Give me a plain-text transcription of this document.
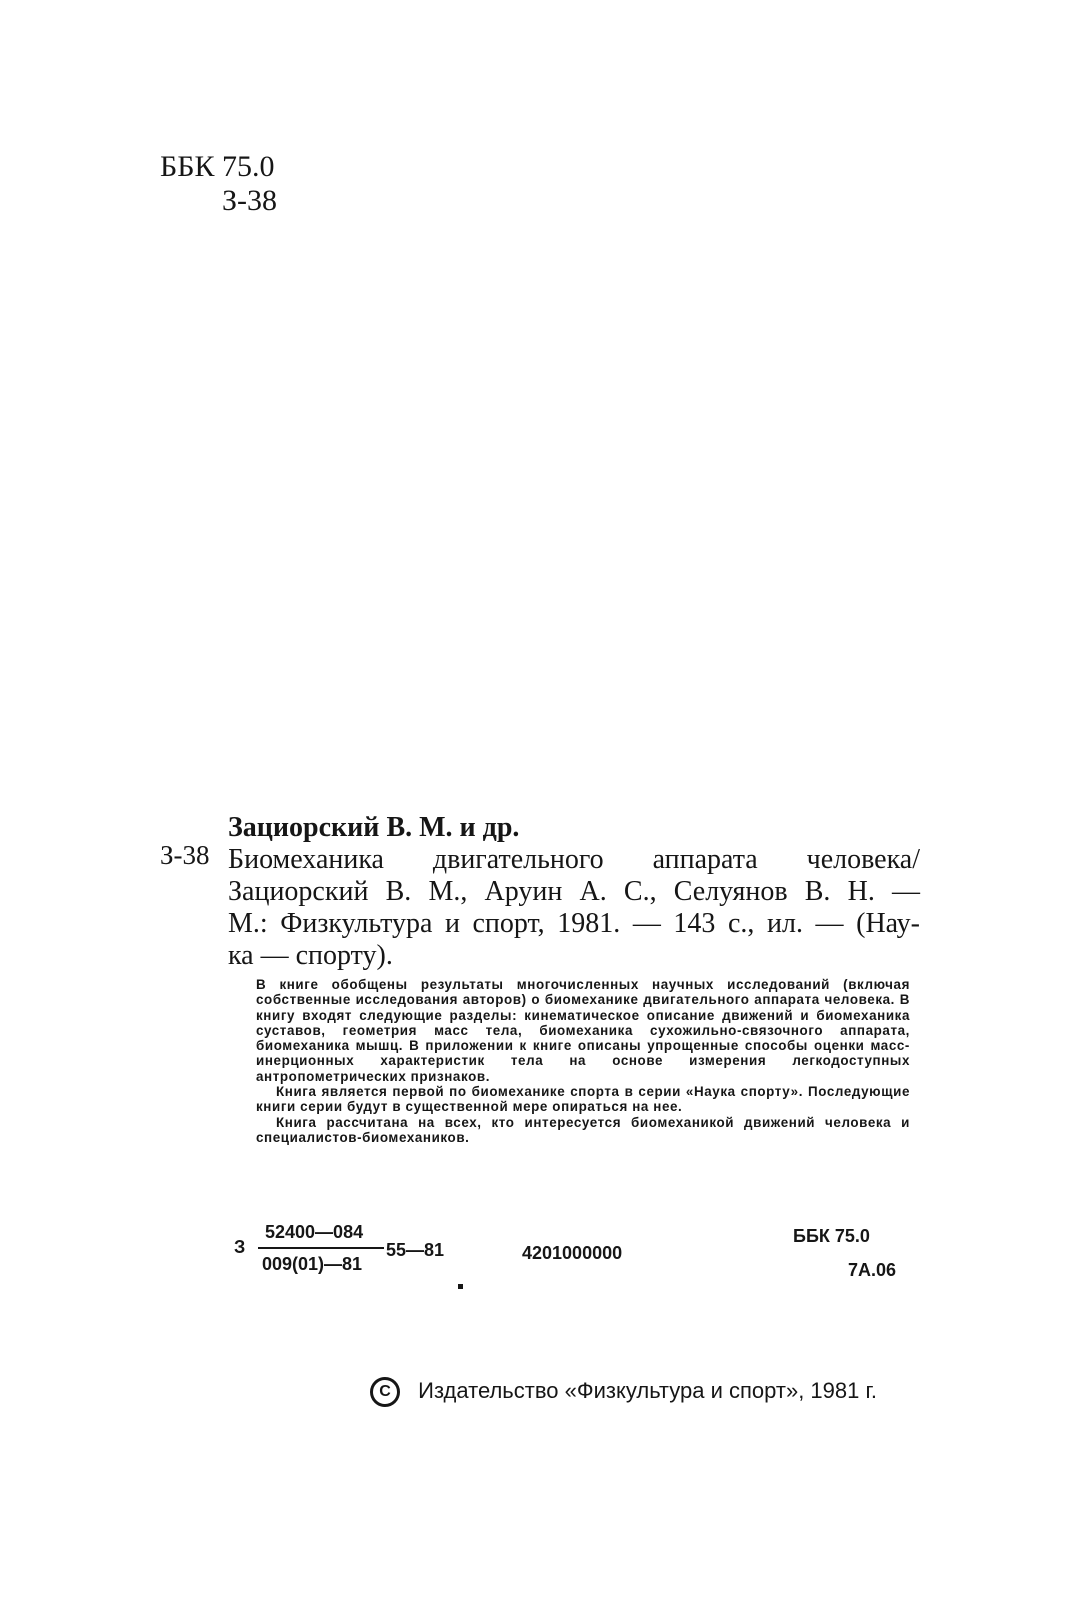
ББК 75.0
З-38
З-38
Зациорский В. М. и др.
Биомеханика двигательного аппарата человека/
Зациорский В. М., Аруин А. С., Селуянов В. Н. —
М.: Физкультура и спорт, 1981. — 143 с., ил. — (Нау-
ка — спорту).

В книге обобщены результаты многочисленных научных исследований (включая собственные исследования авторов) о биомеханике двигательного аппарата человека. В книгу входят следующие разделы: кинематическое описание движений и биомеханика суставов, геометрия масс тела, биомеханика сухожильно-связочного аппарата, биомеханика мышц. В приложении к книге описаны упрощенные способы оценки масс-инерционных характеристик тела на основе измерения легкодоступных антропометрических признаков.

Книга является первой по биомеханике спорта в серии «Наука спорту». Последующие книги серии будут в существенной мере опираться на нее.

Книга рассчитана на всех, кто интересуется биомеханикой движений человека и специалистов-биомехаников.

З
52400—084
009(01)—81
55—81	4201000000
ББК 75.0
7А.06
C Издательство «Физкультура и спорт», 1981 г.
